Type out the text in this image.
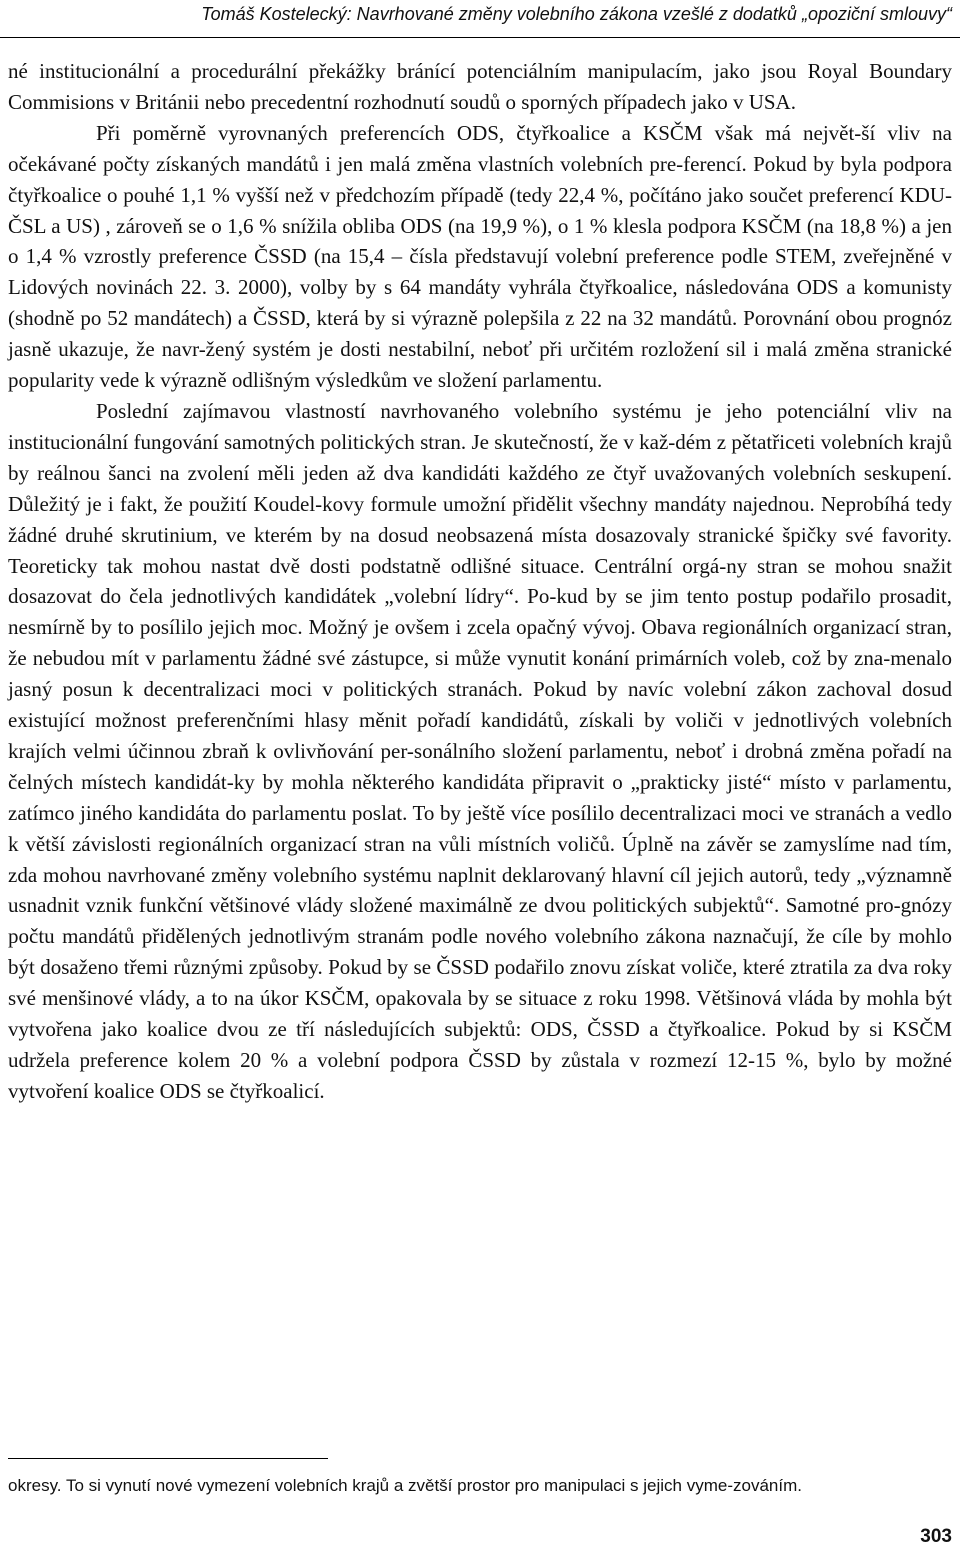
Tomáš Kostelecký: Navrhované změny volebního zákona vzešlé z dodatků „opoziční smlouvy“

né institucionální a procedurální překážky bránící potenciálním manipulacím, jako jsou Royal Boundary Commisions v Británii nebo precedentní rozhodnutí soudů o sporných případech jako v USA.

Při poměrně vyrovnaných preferencích ODS, čtyřkoalice a KSČM však má největ-ší vliv na očekávané počty získaných mandátů i jen malá změna vlastních volebních pre-ferencí. Pokud by byla podpora čtyřkoalice o pouhé 1,1 % vyšší než v předchozím případě (tedy 22,4 %, počítáno jako součet preferencí KDU-ČSL a US) , zároveň se o 1,6 % snížila obliba ODS (na 19,9 %), o 1 % klesla podpora KSČM (na 18,8 %) a jen o 1,4 % vzrostly preference ČSSD (na 15,4 – čísla představují volební preference podle STEM, zveřejněné v Lidových novinách 22. 3. 2000), volby by s 64 mandáty vyhrála čtyřkoalice, následována ODS a komunisty (shodně po 52 mandátech) a ČSSD, která by si výrazně polepšila z 22 na 32 mandátů. Porovnání obou prognóz jasně ukazuje, že navr-žený systém je dosti nestabilní, neboť při určitém rozložení sil i malá změna stranické popularity vede k výrazně odlišným výsledkům ve složení parlamentu.

Poslední zajímavou vlastností navrhovaného volebního systému je jeho potenciální vliv na institucionální fungování samotných politických stran. Je skutečností, že v kaž-dém z pětatřiceti volebních krajů by reálnou šanci na zvolení měli jeden až dva kandidáti každého ze čtyř uvažovaných volebních seskupení. Důležitý je i fakt, že použití Koudel-kovy formule umožní přidělit všechny mandáty najednou. Neprobíhá tedy žádné druhé skrutinium, ve kterém by na dosud neobsazená místa dosazovaly stranické špičky své favority. Teoreticky tak mohou nastat dvě dosti podstatně odlišné situace. Centrální orgá-ny stran se mohou snažit dosazovat do čela jednotlivých kandidátek „volební lídry“. Po-kud by se jim tento postup podařilo prosadit, nesmírně by to posílilo jejich moc. Možný je ovšem i zcela opačný vývoj. Obava regionálních organizací stran, že nebudou mít v parlamentu žádné své zástupce, si může vynutit konání primárních voleb, což by zna-menalo jasný posun k decentralizaci moci v politických stranách. Pokud by navíc volební zákon zachoval dosud existující možnost preferenčními hlasy měnit pořadí kandidátů, získali by voliči v jednotlivých volebních krajích velmi účinnou zbraň k ovlivňování per-sonálního složení parlamentu, neboť i drobná změna pořadí na čelných místech kandidát-ky by mohla některého kandidáta připravit o „prakticky jisté“ místo v parlamentu, zatímco jiného kandidáta do parlamentu poslat. To by ještě více posílilo decentralizaci moci ve stranách a vedlo k větší závislosti regionálních organizací stran na vůli místních voličů. Úplně na závěr se zamyslíme nad tím, zda mohou navrhované změny volebního systému naplnit deklarovaný hlavní cíl jejich autorů, tedy „významně usnadnit vznik funkční většinové vlády složené maximálně ze dvou politických subjektů“. Samotné pro-gnózy počtu mandátů přidělených jednotlivým stranám podle nového volebního zákona naznačují, že cíle by mohlo být dosaženo třemi různými způsoby. Pokud by se ČSSD podařilo znovu získat voliče, které ztratila za dva roky své menšinové vlády, a to na úkor KSČM, opakovala by se situace z roku 1998. Většinová vláda by mohla být vytvořena jako koalice dvou ze tří následujících subjektů: ODS, ČSSD a čtyřkoalice. Pokud by si KSČM udržela preference kolem 20 % a volební podpora ČSSD by zůstala v rozmezí 12-15 %, bylo by možné vytvoření koalice ODS se čtyřkoalicí.

okresy. To si vynutí nové vymezení volebních krajů a zvětší prostor pro manipulaci s jejich vyme-zováním.
303
